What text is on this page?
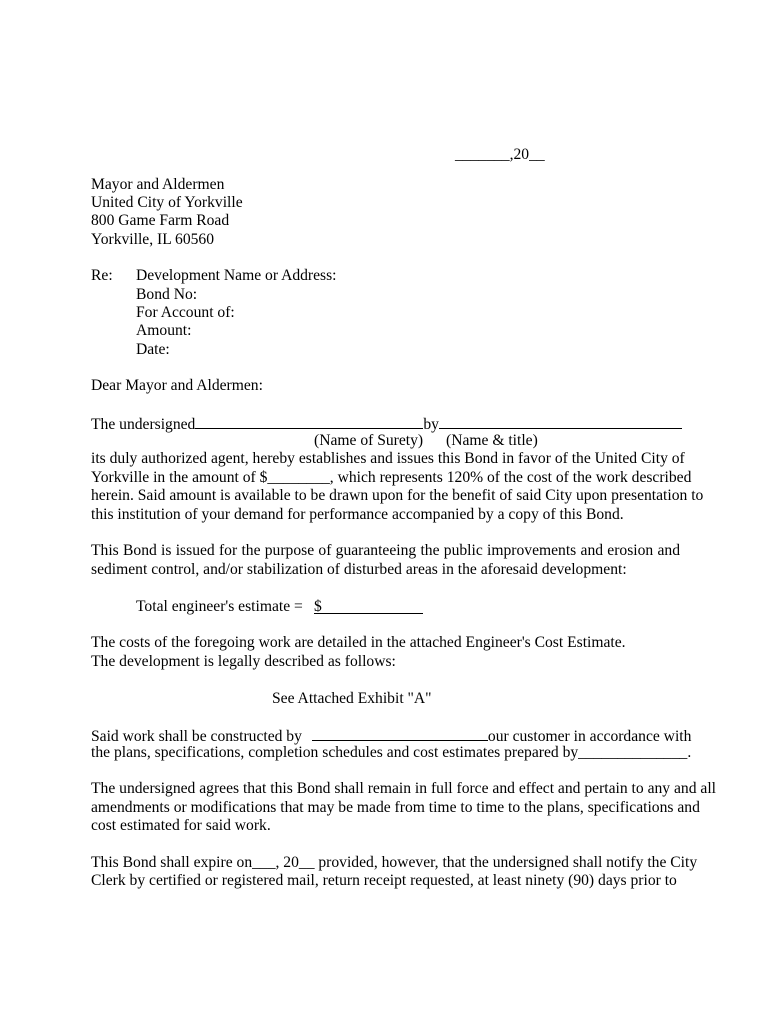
_______,20__
Mayor and Aldermen
United City of Yorkville
800 Game Farm Road
Yorkville, IL 60560
Re: Development Name or Address:
Bond No:
For Account of:
Amount:
Date:
Dear Mayor and Aldermen:
The undersigned	by
(Name of Surety) (Name & title)
its duly authorized agent, hereby establishes and issues this Bond in favor of the United City of
Yorkville in the amount of $________, which represents 120% of the cost of the work described
herein. Said amount is available to be drawn upon for the benefit of said City upon presentation to
this institution of your demand for performance accompanied by a copy of this Bond.
This Bond is issued for the purpose of guaranteeing the public improvements and erosion and
sediment control, and/or stabilization of disturbed areas in the aforesaid development:
Total engineer's estimate = $
The costs of the foregoing work are detailed in the attached Engineer's Cost Estimate.
The development is legally described as follows:
See Attached Exhibit "A"
Said work shall be constructed by	our customer in accordance with
the plans, specifications, completion schedules and cost estimates prepared by______________.
The undersigned agrees that this Bond shall remain in full force and effect and pertain to any and all
amendments or modifications that may be made from time to time to the plans, specifications and
cost estimated for said work.
This Bond shall expire on___, 20__ provided, however, that the undersigned shall notify the City
Clerk by certified or registered mail, return receipt requested, at least ninety (90) days prior to
